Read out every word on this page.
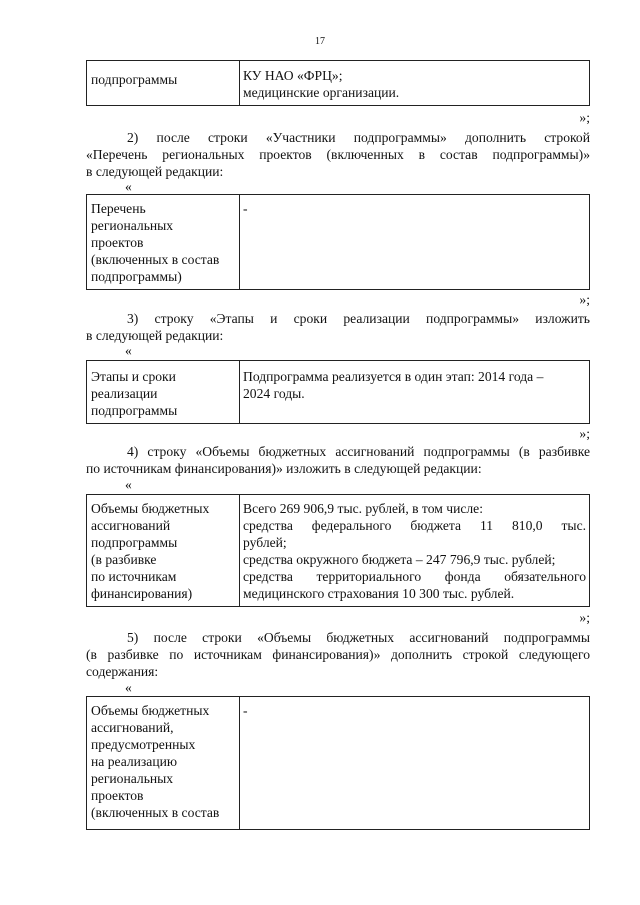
17
подпрограммы	КУ НАО «ФРЦ»;
медицинские организации.
»;
2) после строки «Участники подпрограммы» дополнить строкой
«Перечень региональных проектов (включенных в состав подпрограммы)»
в следующей редакции:
«
Перечень
региональных
проектов
(включенных в состав
подпрограммы)
-
»;
3) строку «Этапы и сроки реализации подпрограммы» изложить
в следующей редакции:
«
Этапы и сроки
реализации
подпрограммы
Подпрограмма реализуется в один этап: 2014 года –
2024 годы.
»;
4) строку «Объемы бюджетных ассигнований подпрограммы (в разбивке
по источникам финансирования)» изложить в следующей редакции:
«
Объемы бюджетных
ассигнований
подпрограммы
(в разбивке
по источникам
финансирования)
Всего 269 906,9 тыс. рублей, в том числе:
средства федерального бюджета 11 810,0 тыс.
рублей;
средства окружного бюджета – 247 796,9 тыс. рублей;
средства территориального фонда обязательного
медицинского страхования 10 300 тыс. рублей.
»;
5) после строки «Объемы бюджетных ассигнований подпрограммы
(в разбивке по источникам финансирования)» дополнить строкой следующего
содержания:
«
Объемы бюджетных
ассигнований,
предусмотренных
на реализацию
региональных
проектов
(включенных в состав
-
